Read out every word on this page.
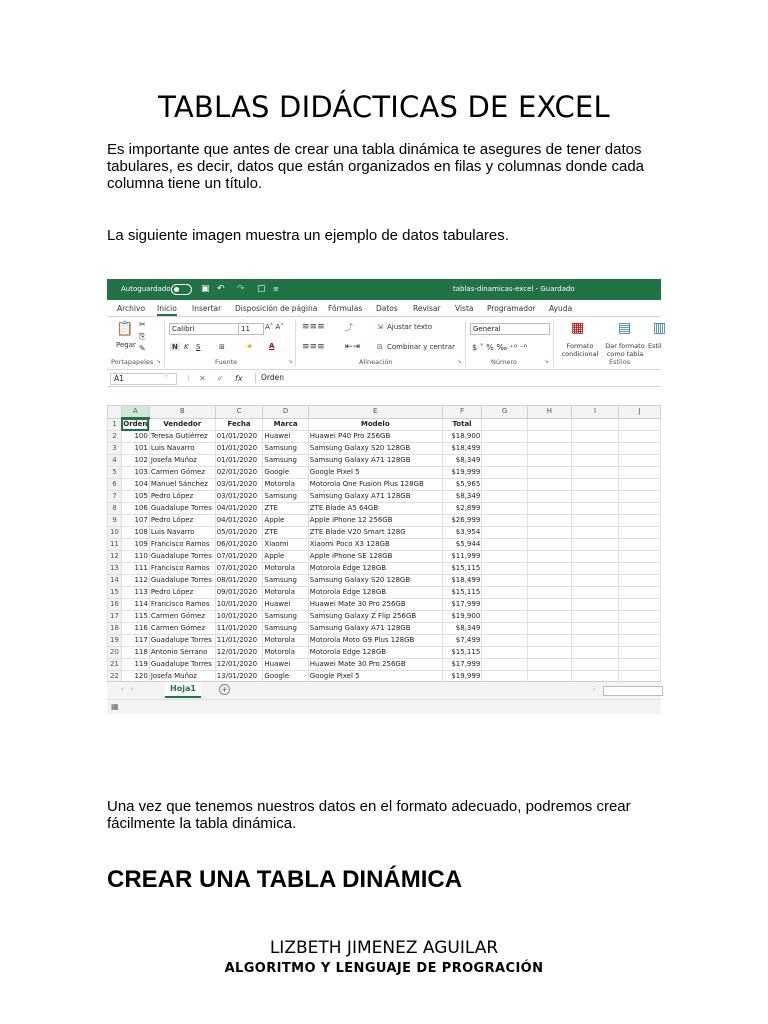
TABLAS DIDÁCTICAS DE EXCEL
Es importante que antes de crear una tabla dinámica te asegures de tener datos tabulares, es decir, datos que están organizados en filas y columnas donde cada columna tiene un título.
La siguiente imagen muestra un ejemplo de datos tabulares.
Autoguardado	▣ ↶ ↷ ▢ ≡	tablas-dinamicas-excel - Guardado
Archivo Inicio Insertar Disposición de página Fórmulas Datos Revisar Vista Programador Ayuda
📋
Pegar
✂
⎘
✎
Portapapeles ↘
Calibri	11	A˄ A˅
N K S	⊞	◈ A
Fuente	↘
≡≡≡	⤴
≡≡≡ ⇤⇥
⇲ Ajustar texto
⊟ Combinar y centrar
Alineación	↘
General
$ ˅ % ‰ ⁺⁰ ⁻⁰
Número	↘
▦
Formato condicional
▤
Dar formato como tabla
▥
Estil
Estilos
A1	˅ ⁝ ✕ ✓ fx	Orden
	A	B	C	D	E	F	G	H	I	J
1	Orden	Vendedor	Fecha	Marca	Modelo	Total				
2	100	Teresa Gutiérrez	01/01/2020	Huawei	Huawei P40 Pro 256GB	$18,900				
3	101	Luis Navarro	01/01/2020	Samsung	Samsung Galaxy S20 128GB	$18,499				
4	102	Josefa Muñoz	01/01/2020	Samsung	Samsung Galaxy A71 128GB	$8,349				
5	103	Carmen Gómez	02/01/2020	Google	Google Pixel 5	$19,999				
6	104	Manuel Sánchez	03/01/2020	Motorola	Motorola One Fusion Plus 128GB	$5,965				
7	105	Pedro López	03/01/2020	Samsung	Samsung Galaxy A71 128GB	$8,349				
8	106	Guadalupe Torres	04/01/2020	ZTE	ZTE Blade A5 64GB	$2,899				
9	107	Pedro López	04/01/2020	Apple	Apple iPhone 12 256GB	$26,999				
10	108	Luis Navarro	05/01/2020	ZTE	ZTE Blade V20 Smart 128G	$3,954				
11	109	Francisco Ramos	06/01/2020	Xiaomi	Xiaomi Poco X3 128GB	$5,944				
12	110	Guadalupe Torres	07/01/2020	Apple	Apple iPhone SE 128GB	$11,999				
13	111	Francisco Ramos	07/01/2020	Motorola	Motorola Edge 128GB	$15,115				
14	112	Guadalupe Torres	08/01/2020	Samsung	Samsung Galaxy S20 128GB	$18,499				
15	113	Pedro López	09/01/2020	Motorola	Motorola Edge 128GB	$15,115				
16	114	Francisco Ramos	10/01/2020	Huawei	Huawei Mate 30 Pro 256GB	$17,999				
17	115	Carmen Gómez	10/01/2020	Samsung	Samsung Galaxy Z Flip 256GB	$19,900				
18	116	Carmen Gómez	11/01/2020	Samsung	Samsung Galaxy A71 128GB	$8,349				
19	117	Guadalupe Torres	11/01/2020	Motorola	Motorola Moto G9 Plus 128GB	$7,499				
20	118	Antonio Serrano	12/01/2020	Motorola	Motorola Edge 128GB	$15,115				
21	119	Guadalupe Torres	12/01/2020	Huawei	Huawei Mate 30 Pro 256GB	$17,999				
22	120	Josefa Muñoz	13/01/2020	Google	Google Pixel 5	$19,999				
‹   ›	Hoja1	+	⁝
▦
Una vez que tenemos nuestros datos en el formato adecuado, podremos crear fácilmente la tabla dinámica.
CREAR UNA TABLA DINÁMICA
LIZBETH JIMENEZ AGUILAR
ALGORITMO Y LENGUAJE DE PROGRACIÓN
